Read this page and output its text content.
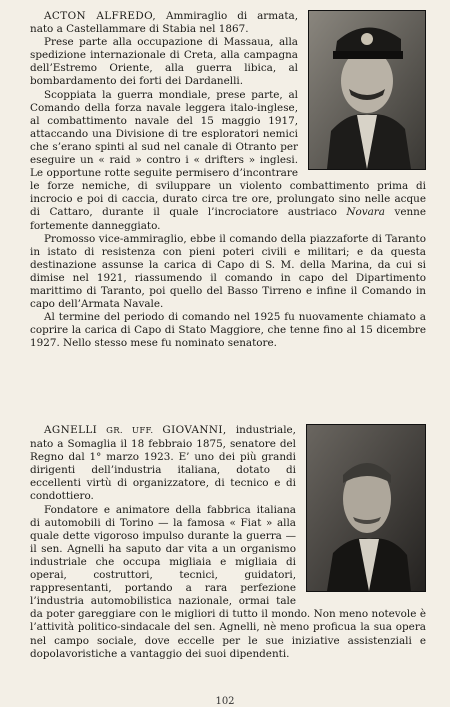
ACTON ALFREDO, Ammiraglio di armata, nato a Castellammare di Stabia nel 1867.

Prese parte alla occupazione di Massaua, alla spedizione internazionale di Creta, alla campagna dell’Estremo Oriente, alla guerra libica, al bombardamento dei forti dei Dardanelli.

Scoppiata la guerra mondiale, prese parte, al Comando della forza navale leggera italo-inglese, al combattimento navale del 15 maggio 1917, attaccando una Divisione di tre esploratori nemici che s’erano spinti al sud nel canale di Otranto per eseguire un « raid » contro i « drifters » inglesi. Le opportune rotte seguite permisero d’incontrare le forze nemiche, di sviluppare un violento combattimento prima di incrocio e poi di caccia, durato circa tre ore, prolungato sino nelle acque di Cattaro, durante il quale l’incrociatore austriaco Novara venne fortemente danneggiato.

Promosso vice-ammiraglio, ebbe il comando della piazzaforte di Taranto in istato di resistenza con pieni poteri civili e militari; e da questa destinazione assunse la carica di Capo di S. M. della Marina, da cui si dimise nel 1921, riassumendo il comando in capo del Dipartimento marittimo di Taranto, poi quello del Basso Tirreno e infine il Comando in capo dell’Armata Navale.

Al termine del periodo di comando nel 1925 fu nuovamente chiamato a coprire la carica di Capo di Stato Maggiore, che tenne fino al 15 dicembre 1927. Nello stesso mese fu nominato senatore.

AGNELLI GR. UFF. GIOVANNI, industriale, nato a Somaglia il 18 febbraio 1875, senatore del Regno dal 1° marzo 1923. E’ uno dei più grandi dirigenti dell’industria italiana, dotato di eccellenti virtù di organizzatore, di tecnico e di condottiero.

Fondatore e animatore della fabbrica italiana di automobili di Torino — la famosa « Fiat » alla quale dette vigoroso impulso durante la guerra — il sen. Agnelli ha saputo dar vita a un organismo industriale che occupa migliaia e migliaia di operai, costruttori, tecnici, guidatori, rappresentanti, portando a rara perfezione l’industria automobilistica nazionale, ormai tale da poter gareggiare con le migliori di tutto il mondo. Non meno notevole è l’attività politico-sindacale del sen. Agnelli, nè meno proficua la sua opera nel campo sociale, dove eccelle per le sue iniziative assistenziali e dopolavoristiche a vantaggio dei suoi dipendenti.

102
